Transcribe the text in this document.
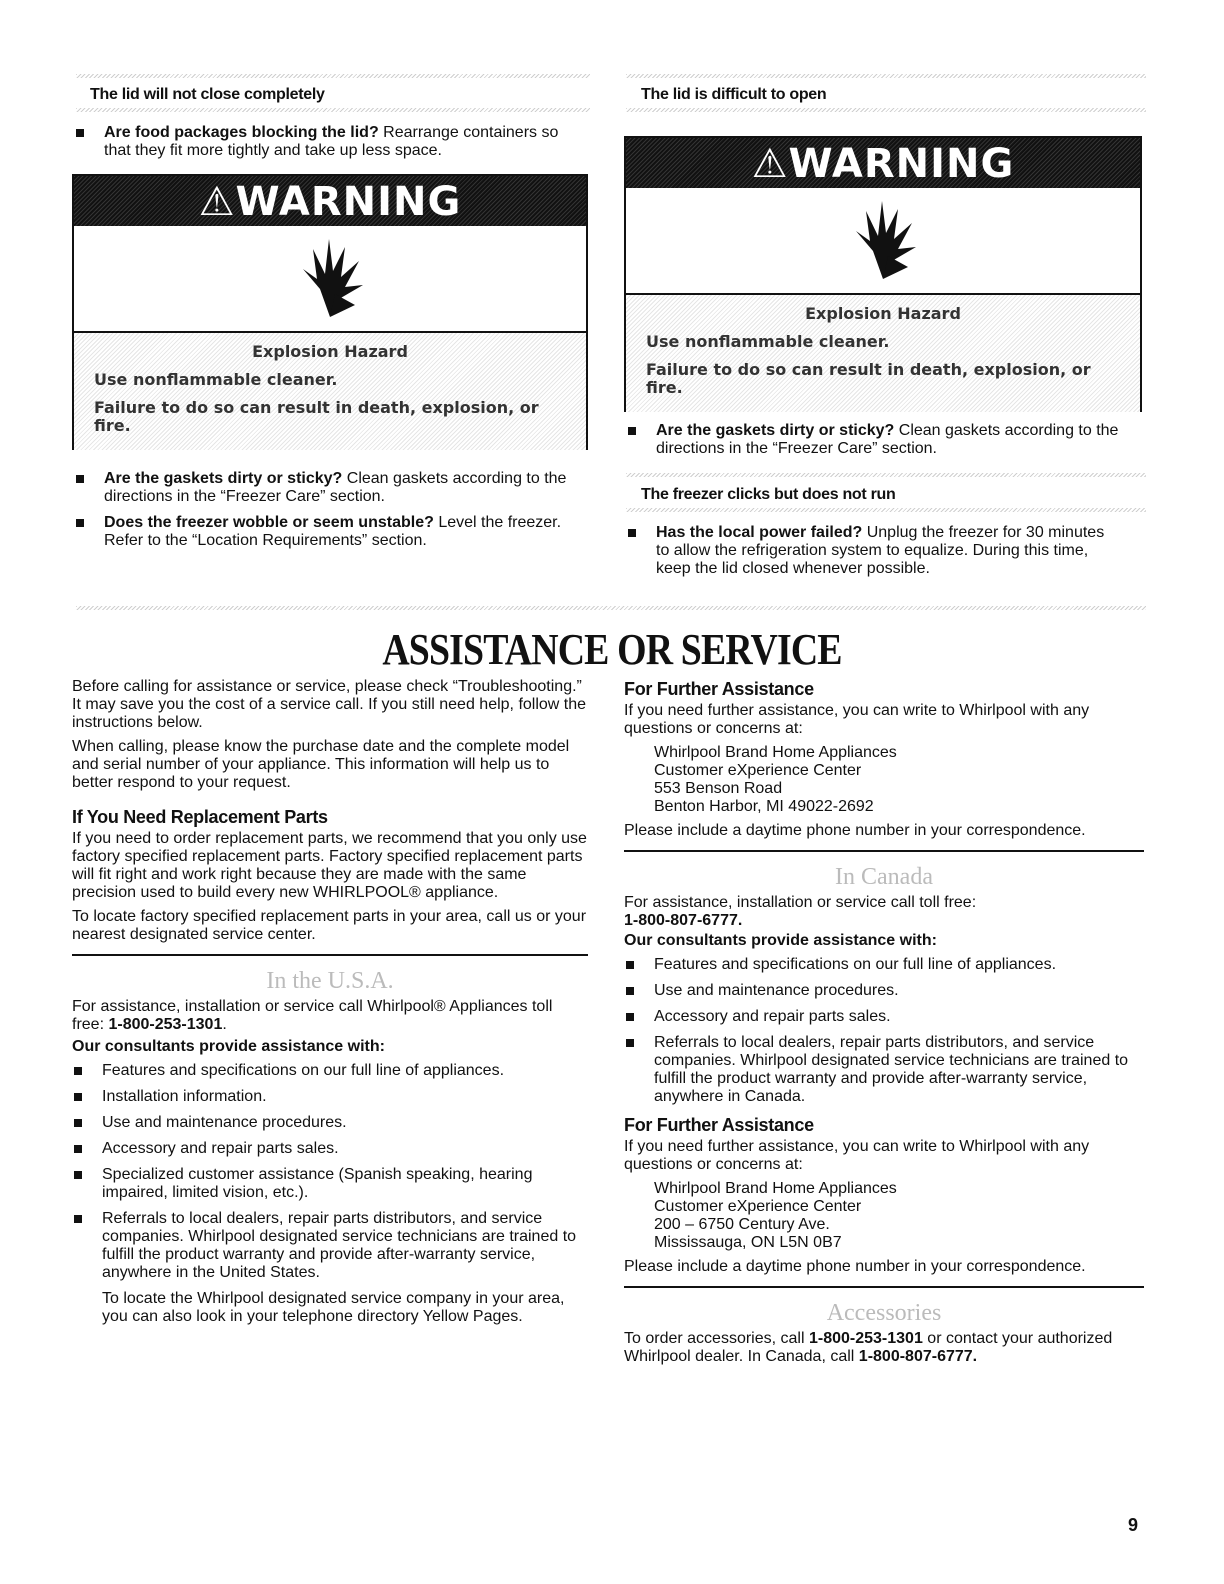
The lid will not close completely
Are food packages blocking the lid? Rearrange containers so that they fit more tightly and take up less space.
⚠WARNING
Explosion Hazard
Use nonflammable cleaner.
Failure to do so can result in death, explosion, or fire.
Are the gaskets dirty or sticky? Clean gaskets according to the directions in the “Freezer Care” section.
Does the freezer wobble or seem unstable? Level the freezer. Refer to the “Location Requirements” section.
The lid is difficult to open
⚠WARNING
Explosion Hazard
Use nonflammable cleaner.
Failure to do so can result in death, explosion, or fire.
Are the gaskets dirty or sticky? Clean gaskets according to the directions in the “Freezer Care” section.
The freezer clicks but does not run
Has the local power failed? Unplug the freezer for 30 minutes to allow the refrigeration system to equalize. During this time, keep the lid closed whenever possible.
ASSISTANCE OR SERVICE

Before calling for assistance or service, please check “Troubleshooting.” It may save you the cost of a service call. If you still need help, follow the instructions below.

When calling, please know the purchase date and the complete model and serial number of your appliance. This information will help us to better respond to your request.

If You Need Replacement Parts

If you need to order replacement parts, we recommend that you only use factory specified replacement parts. Factory specified replacement parts will fit right and work right because they are made with the same precision used to build every new WHIRLPOOL® appliance.

To locate factory specified replacement parts in your area, call us or your nearest designated service center.

In the U.S.A.

For assistance, installation or service call Whirlpool® Appliances toll free: 1-800-253-1301.

Our consultants provide assistance with:

Features and specifications on our full line of appliances.
Installation information.
Use and maintenance procedures.
Accessory and repair parts sales.
Specialized customer assistance (Spanish speaking, hearing impaired, limited vision, etc.).
Referrals to local dealers, repair parts distributors, and service companies. Whirlpool designated service technicians are trained to fulfill the product warranty and provide after-warranty service, anywhere in the United States.

To locate the Whirlpool designated service company in your area, you can also look in your telephone directory Yellow Pages.

For Further Assistance

If you need further assistance, you can write to Whirlpool with any questions or concerns at:

Whirlpool Brand Home Appliances
Customer eXperience Center
553 Benson Road
Benton Harbor, MI 49022-2692

Please include a daytime phone number in your correspondence.

In Canada

For assistance, installation or service call toll free:

1-800-807-6777.

Our consultants provide assistance with:

Features and specifications on our full line of appliances.
Use and maintenance procedures.
Accessory and repair parts sales.
Referrals to local dealers, repair parts distributors, and service companies. Whirlpool designated service technicians are trained to fulfill the product warranty and provide after-warranty service, anywhere in Canada.
For Further Assistance

If you need further assistance, you can write to Whirlpool with any questions or concerns at:

Whirlpool Brand Home Appliances
Customer eXperience Center
200 – 6750 Century Ave.
Mississauga, ON L5N 0B7

Please include a daytime phone number in your correspondence.

Accessories

To order accessories, call 1-800-253-1301 or contact your authorized Whirlpool dealer. In Canada, call 1-800-807-6777.

9
